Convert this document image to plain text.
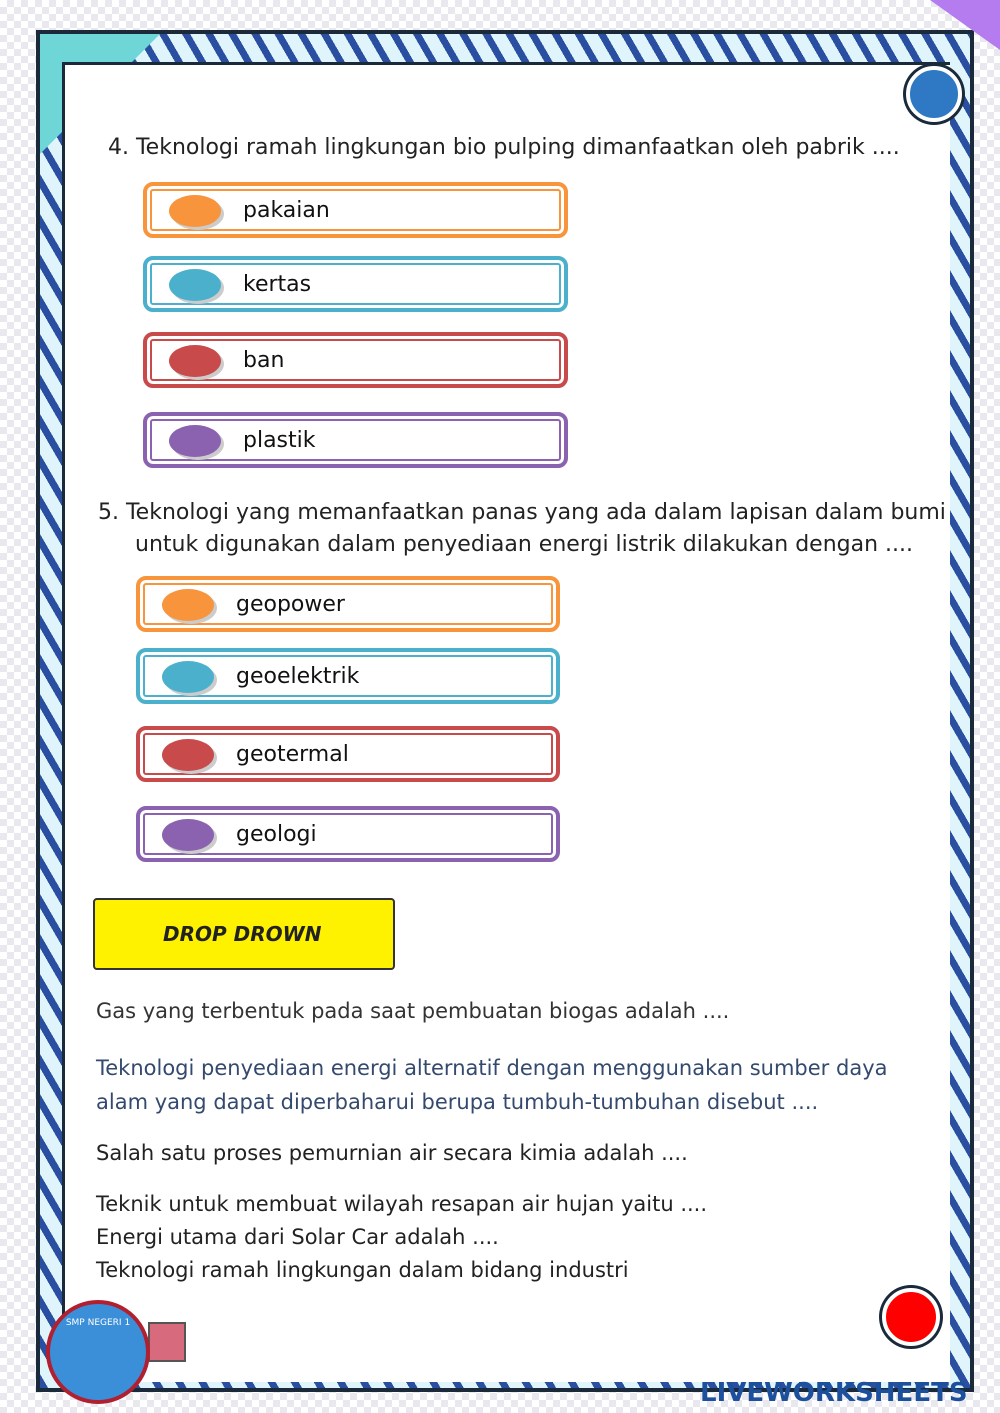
4. Teknologi ramah lingkungan bio pulping dimanfaatkan oleh pabrik ....
pakaian
kertas
ban
plastik
5. Teknologi yang memanfaatkan panas yang ada dalam lapisan dalam bumi
untuk digunakan dalam penyediaan energi listrik dilakukan dengan ....
geopower
geoelektrik
geotermal
geologi
DROP DROWN
Gas yang terbentuk pada saat pembuatan biogas adalah ....
Teknologi penyediaan energi alternatif dengan menggunakan sumber daya
alam yang dapat diperbaharui berupa tumbuh-tumbuhan disebut ....
Salah satu proses pemurnian air secara kimia adalah ....
Teknik untuk membuat wilayah resapan air hujan yaitu ....
Energi utama dari Solar Car adalah ....
Teknologi ramah lingkungan dalam bidang industri
SMP NEGERI 1
LIVEWORKSHEETS
